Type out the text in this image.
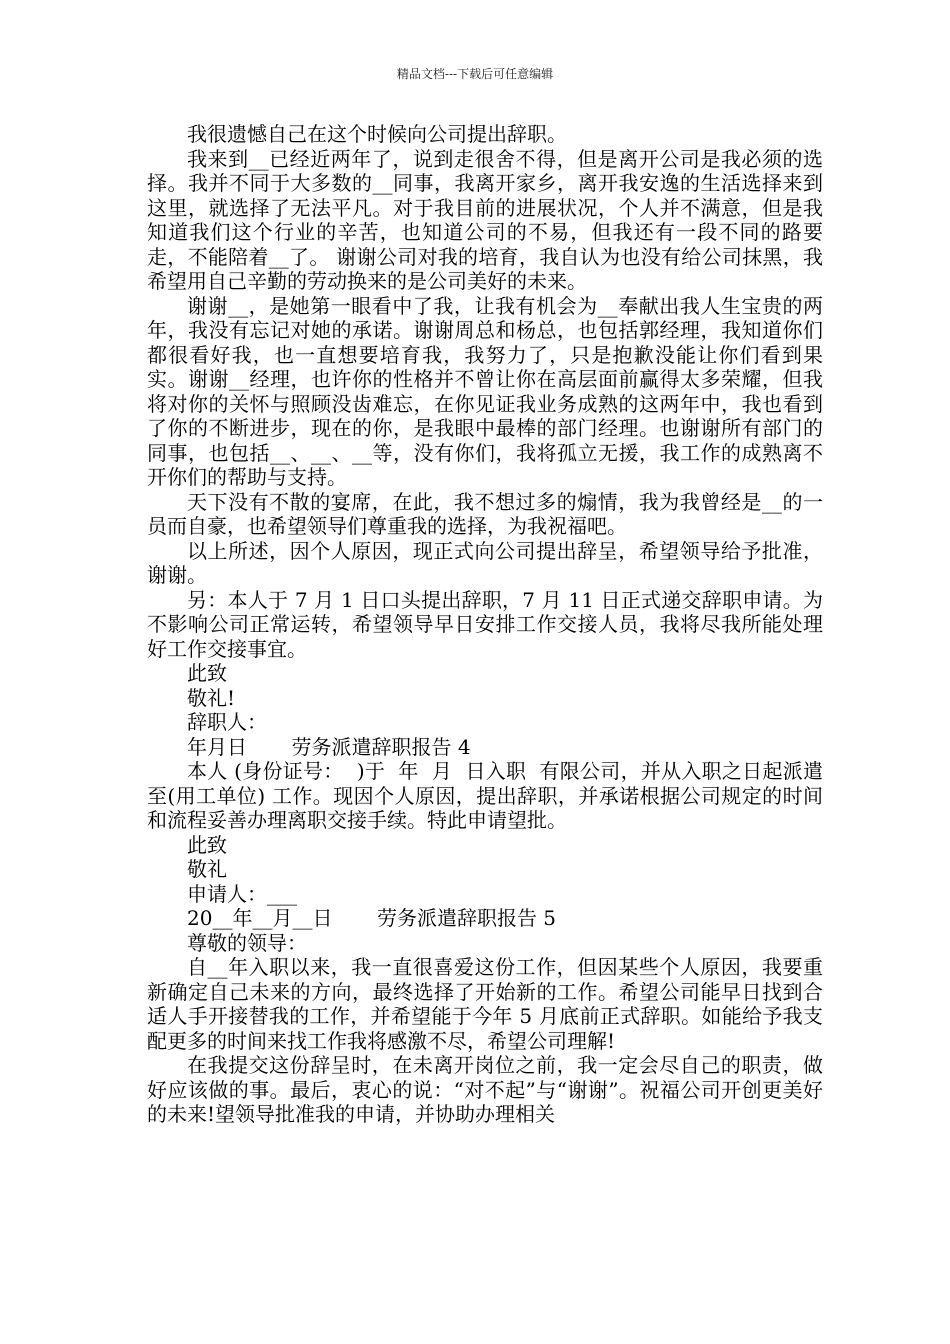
精品文档---下载后可任意编辑

我很遗憾自己在这个时候向公司提出辞职。

我来到__已经近两年了，说到走很舍不得，但是离开公司是我必须的选择。我并不同于大多数的__同事，我离开家乡，离开我安逸的生活选择来到这里，就选择了无法平凡。对于我目前的进展状况，个人并不满意，但是我知道我们这个行业的辛苦，也知道公司的不易，但我还有一段不同的路要走，不能陪着__了。 谢谢公司对我的培育，我自认为也没有给公司抹黑，我希望用自己辛勤的劳动换来的是公司美好的未来。

谢谢__，是她第一眼看中了我，让我有机会为__奉献出我人生宝贵的两年，我没有忘记对她的承诺。谢谢周总和杨总，也包括郭经理，我知道你们都很看好我，也一直想要培育我，我努力了，只是抱歉没能让你们看到果实。谢谢__经理，也许你的性格并不曾让你在高层面前赢得太多荣耀，但我将对你的关怀与照顾没齿难忘，在你见证我业务成熟的这两年中，我也看到了你的不断进步，现在的你，是我眼中最棒的部门经理。也谢谢所有部门的同事，也包括__、__、__等，没有你们，我将孤立无援，我工作的成熟离不开你们的帮助与支持。

天下没有不散的宴席，在此，我不想过多的煽情，我为我曾经是__的一员而自豪，也希望领导们尊重我的选择，为我祝福吧。

以上所述，因个人原因，现正式向公司提出辞呈，希望领导给予批准，谢谢。

另：本人于 7 月 1 日口头提出辞职，7 月 11 日正式递交辞职申请。为不影响公司正常运转，希望领导早日安排工作交接人员，我将尽我所能处理好工作交接事宜。

此致

敬礼!

辞职人：

年月日       劳务派遣辞职报告 4

本人 (身份证号：  )于  年  月  日入职  有限公司，并从入职之日起派遣至(用工单位) 工作。现因个人原因，提出辞职，并承诺根据公司规定的时间和流程妥善办理离职交接手续。特此申请望批。

此致

敬礼

申请人：___

20__年__月__日       劳务派遣辞职报告 5

尊敬的领导：

自__年入职以来，我一直很喜爱这份工作，但因某些个人原因，我要重新确定自己未来的方向，最终选择了开始新的工作。希望公司能早日找到合适人手开接替我的工作，并希望能于今年 5 月底前正式辞职。如能给予我支配更多的时间来找工作我将感激不尽，希望公司理解!

在我提交这份辞呈时，在未离开岗位之前，我一定会尽自己的职责，做好应该做的事。最后，衷心的说：“对不起”与“谢谢”。祝福公司开创更美好的未来!望领导批准我的申请，并协助办理相关
